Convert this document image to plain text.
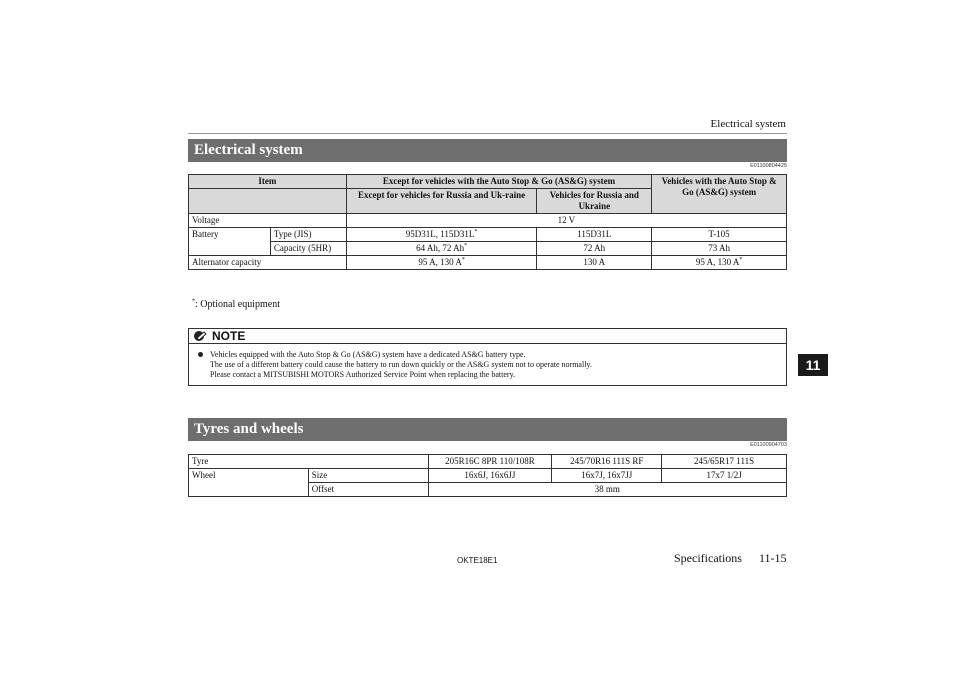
Electrical system
Electrical system
E01100804425
Item		Except for vehicles with the Auto Stop & Go (AS&G) system		Vehicles with the Auto Stop & Go (AS&G) system
		Except for vehicles for Russia and Uk-raine	Vehicles for Russia and Ukraine	
Voltage		12 V		
Battery	Type (JIS)	95D31L, 115D31L*	115D31L	T-105
	Capacity (5HR)	64 Ah, 72 Ah*	72 Ah	73 Ah
Alternator capacity		95 A, 130 A*	130 A	95 A, 130 A*
*: Optional equipment
NOTE
Vehicles equipped with the Auto Stop & Go (AS&G) system have a dedicated AS&G battery type.
The use of a different battery could cause the battery to run down quickly or the AS&G system not to operate normally.
Please contact a MITSUBISHI MOTORS Authorized Service Point when replacing the battery.
11
Tyres and wheels
E01100904703
Tyre		205R16C 8PR 110/108R	245/70R16 111S RF	245/65R17 111S
Wheel	Size	16x6J, 16x6JJ	16x7J, 16x7JJ	17x7 1/2J
	Offset	38 mm		
OKTE18E1	Specifications 11-15
